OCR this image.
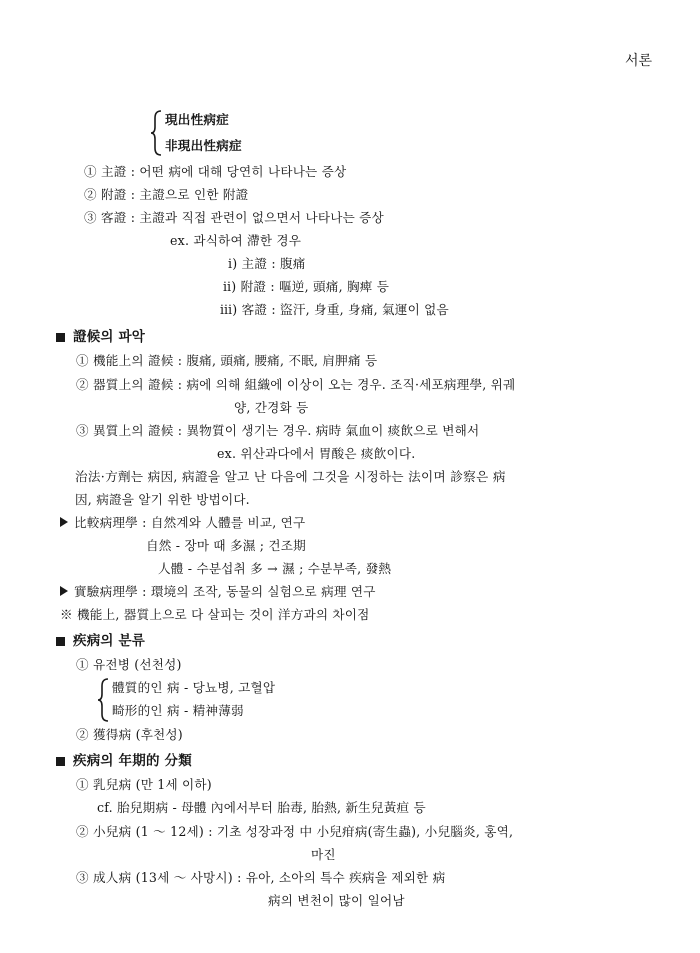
서론
現出性病症
非現出性病症
① 主證 : 어떤 病에 대해 당연히 나타나는 증상
② 附證 : 主證으로 인한 附證
③ 客證 : 主證과 직접 관련이 없으면서 나타나는 증상
ex. 과식하여 滯한 경우
ⅰ) 主證 : 腹痛
ⅱ) 附證 : 嘔逆, 頭痛, 胸痺 등
ⅲ) 客證 : 盜汗, 身重, 身痛, 氣運이 없음
證候의 파악
① 機能上의 證候 : 腹痛, 頭痛, 腰痛, 不眠, 肩胛痛 등
② 器質上의 證候 : 病에 의해 組織에 이상이 오는 경우. 조직·세포病理學, 위궤
양, 간경화 등
③ 異質上의 證候 : 異物質이 생기는 경우. 病時 氣血이 痰飮으로 변해서
ex. 위산과다에서 胃酸은 痰飮이다.
治法·方劑는 病因, 病證을 알고 난 다음에 그것을 시정하는 法이며 診察은 病
因, 病證을 알기 위한 방법이다.
比較病理學 : 自然계와 人體를 비교, 연구
自然 - 장마 때 多濕 ; 건조期
人體 - 수분섭취 多 → 濕 ; 수분부족, 發熱
實驗病理學 : 環境의 조작, 동물의 실험으로 病理 연구
※ 機能上, 器質上으로 다 살피는 것이 洋方과의 차이점
疾病의 분류
① 유전병 (선천성)
體質的인 病 - 당뇨병, 고혈압
畸形的인 病 - 精神薄弱
② 獲得病 (후천성)
疾病의 年期的 分類
① 乳兒病 (만 1세 이하)
cf. 胎兒期病 - 母體 內에서부터 胎毒, 胎熱, 新生兒黃疸 등
② 小兒病 (1 ～ 12세) : 기초 성장과정 中 小兒疳病(寄生蟲), 小兒腦炎, 홍역,
마진
③ 成人病 (13세 ～ 사망시) : 유아, 소아의 특수 疾病을 제외한 病
病의 변천이 많이 일어남
